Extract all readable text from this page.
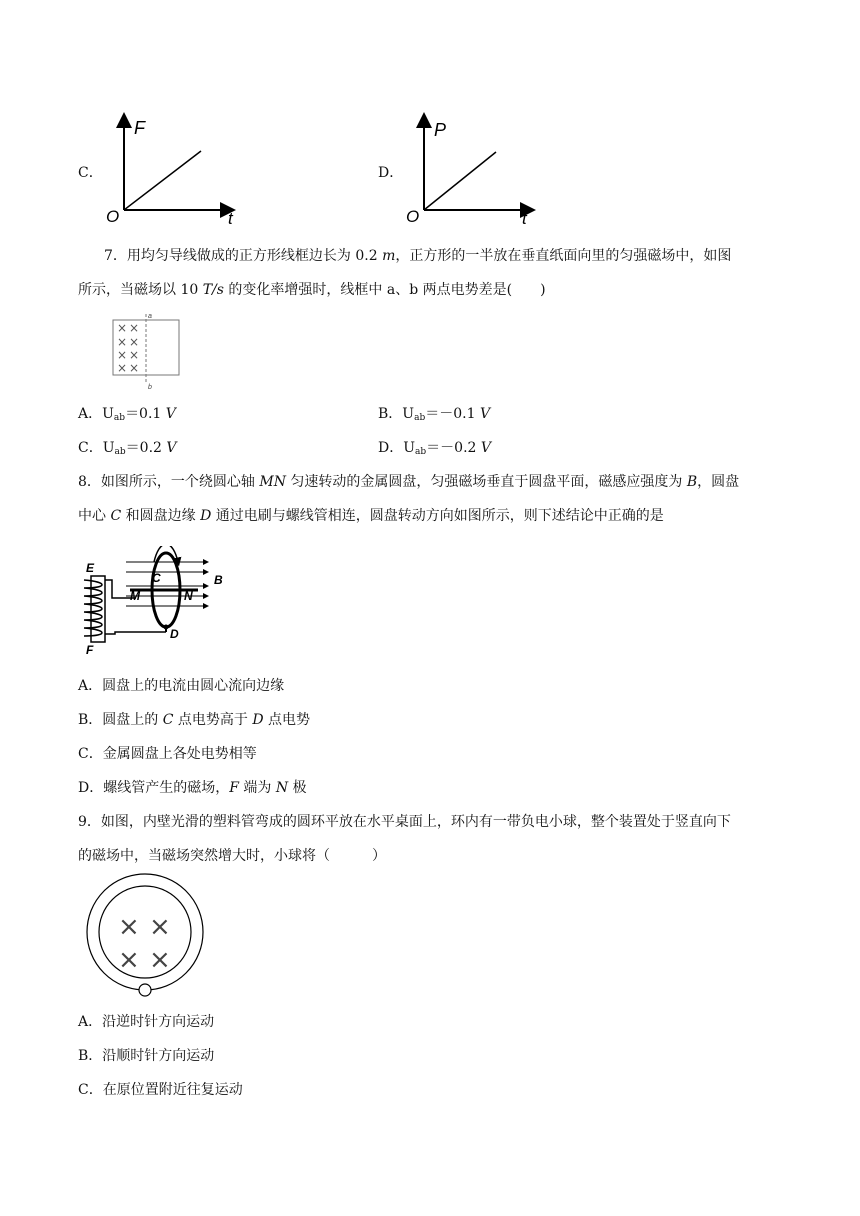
C．
F
t
O
D．
P
t
O
7．用均匀导线做成的正方形线框边长为 0.2 m，正方形的一半放在垂直纸面向里的匀强磁场中，如图
所示，当磁场以 10 T/s 的变化率增强时，线框中 a、b 两点电势差是(　　)
× ×
× ×
× ×
× ×
a
b
A．$U_{ab}=0.1$ V	B．$U_{ab}=-0.1$ V
C．$U_{ab}=0.2$ V	D．$U_{ab}=-0.2$ V
8．如图所示，一个绕圆心轴 MN 匀速转动的金属圆盘，匀强磁场垂直于圆盘平面，磁感应强度为 B，圆盘
中心 C 和圆盘边缘 D 通过电刷与螺线管相连，圆盘转动方向如图所示，则下述结论中正确的是
E
F
C
M	N
D
B
A．圆盘上的电流由圆心流向边缘
B．圆盘上的 C 点电势高于 D 点电势
C．金属圆盘上各处电势相等
D．螺线管产生的磁场，F 端为 N 极
9．如图，内壁光滑的塑料管弯成的圆环平放在水平桌面上，环内有一带负电小球，整个装置处于竖直向下
的磁场中，当磁场突然增大时，小球将（　　　）
× ×
× ×
A．沿逆时针方向运动
B．沿顺时针方向运动
C．在原位置附近往复运动
